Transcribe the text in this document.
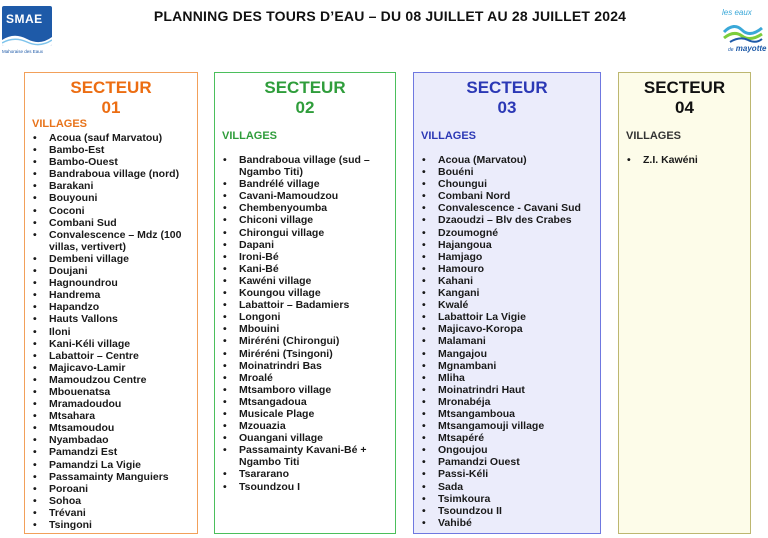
SMAE
Mahoraise des Eaux
PLANNING DES TOURS D’EAU – DU 08 JUILLET AU 28 JUILLET 2024	les eaux
de mayotte
SECTEUR
01
VILLAGES
• Acoua (sauf Marvatou)
• Bambo-Est
• Bambo-Ouest
• Bandraboua village (nord)
• Barakani
• Bouyouni
• Coconi
• Combani Sud
• Convalescence – Mdz (100 villas, vertivert)
• Dembeni village
• Doujani
• Hagnoundrou
• Handrema
• Hapandzo
• Hauts Vallons
• Iloni
• Kani-Kéli village
• Labattoir – Centre
• Majicavo-Lamir
• Mamoudzou Centre
• Mbouenatsa
• Mramadoudou
• Mtsahara
• Mtsamoudou
• Nyambadao
• Pamandzi Est
• Pamandzi La Vigie
• Passamainty Manguiers
• Poroani
• Sohoa
• Trévani
• Tsingoni
SECTEUR
02
VILLAGES
• Bandraboua village (sud – Ngambo Titi)
• Bandrélé village
• Cavani-Mamoudzou
• Chembenyoumba
• Chiconi village
• Chirongui village
• Dapani
• Ironi-Bé
• Kani-Bé
• Kawéni village
• Koungou village
• Labattoir – Badamiers
• Longoni
• Mbouini
• Miréréni (Chirongui)
• Miréréni (Tsingoni)
• Moinatrindri Bas
• Mroalé
• Mtsamboro village
• Mtsangadoua
• Musicale Plage
• Mzouazia
• Ouangani village
• Passamainty Kavani-Bé + Ngambo Titi
• Tsararano
• Tsoundzou I
SECTEUR
03
VILLAGES
• Acoua (Marvatou)
• Bouéni
• Choungui
• Combani Nord
• Convalescence - Cavani Sud
• Dzaoudzi – Blv des Crabes
• Dzoumogné
• Hajangoua
• Hamjago
• Hamouro
• Kahani
• Kangani
• Kwalé
• Labattoir La Vigie
• Majicavo-Koropa
• Malamani
• Mangajou
• Mgnambani
• Mliha
• Moinatrindri Haut
• Mronabéja
• Mtsangamboua
• Mtsangamouji village
• Mtsapéré
• Ongoujou
• Pamandzi Ouest
• Passi-Kéli
• Sada
• Tsimkoura
• Tsoundzou II
• Vahibé
SECTEUR
04
VILLAGES
• Z.I. Kawéni
